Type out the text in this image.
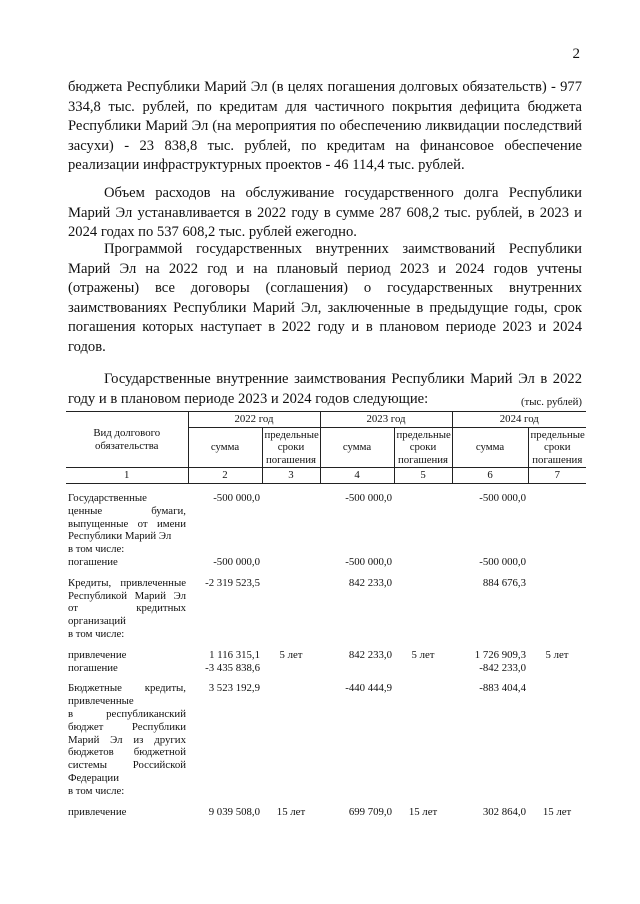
2

бюджета Республики Марий Эл (в целях погашения долговых обязательств) - 977 334,8 тыс. рублей, по кредитам для частичного покрытия дефицита бюджета Республики Марий Эл (на мероприятия по обеспечению ликвидации последствий засухи) - 23 838,8 тыс. рублей, по кредитам на финансовое обеспечение реализации инфраструктурных проектов - 46 114,4 тыс. рублей.

Объем расходов на обслуживание государственного долга Республики Марий Эл устанавливается в 2022 году в сумме 287 608,2 тыс. рублей, в 2023 и 2024 годах по 537 608,2 тыс. рублей ежегодно.

Программой государственных внутренних заимствований Республики Марий Эл на 2022 год и на плановый период 2023 и 2024 годов учтены (отражены) все договоры (соглашения) о государственных внутренних заимствованиях Республики Марий Эл, заключенные в предыдущие годы, срок погашения которых наступает в 2022 году и в плановом периоде 2023 и 2024 годов.

Государственные внутренние заимствования Республики Марий Эл в 2022 году и в плановом периоде 2023 и 2024 годов следующие:	(тыс. рублей)
Вид долгового обязательства	2022 год		2023 год		2024 год	
	сумма	предельные сроки погашения	сумма	предельные сроки погашения	сумма	предельные сроки погашения
1	2	3	4	5	6	7

Государственные	-500 000,0		-500 000,0		-500 000,0	
ценные бумаги,						
выпущенные от имени						
Республики Марий Эл						
в том числе:						
погашение	-500 000,0		-500 000,0		-500 000,0	

Кредиты, привлеченные	-2 319 523,5		842 233,0		884 676,3	
Республикой Марий Эл						
от кредитных						
организаций						
в том числе:						

привлечение	1 116 315,1	5 лет	842 233,0	5 лет	1 726 909,3	5 лет
погашение	-3 435 838,6				-842 233,0	

Бюджетные кредиты,	3 523 192,9		-440 444,9		-883 404,4	
привлеченные						
в республиканский						
бюджет Республики						
Марий Эл из других						
бюджетов бюджетной						
системы Российской						
Федерации						
в том числе:						

привлечение	9 039 508,0	15 лет	699 709,0	15 лет	302 864,0	15 лет
